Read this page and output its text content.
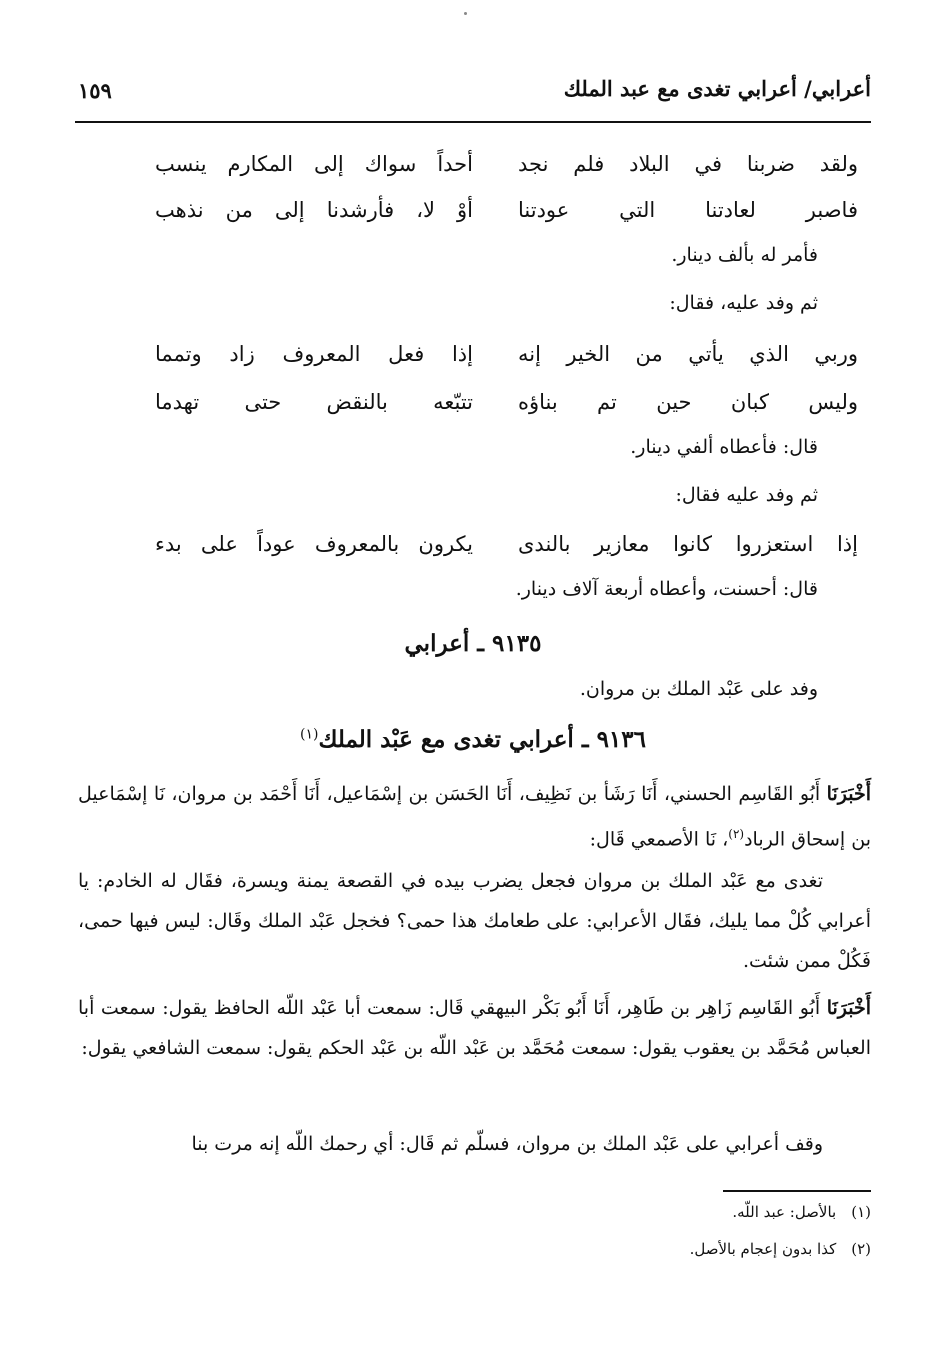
أعرابي/ أعرابي تغدى مع عبد الملك
١٥٩
ولقد ضربنا في البلاد فلم نجد
أحداً سواك إلى المكارم ينسب
فاصبر لعادتنا التي عودتنا
أوْ لا، فأرشدنا إلى من نذهب
فأمر له بألف دينار.
ثم وفد عليه، فقال:
وربي الذي يأتي من الخير إنه
إذا فعل المعروف زاد وتمما
وليس كبان حين تم بناؤه
تتبّعه بالنقض حتى تهدما
قال: فأعطاه ألفي دينار.
ثم وفد عليه فقال:
إذا استعزروا كانوا معازير بالندى
يكرون بالمعروف عوداً على بدء
قال: أحسنت، وأعطاه أربعة آلاف دينار.
٩١٣٥ ـ أعرابي
وفد على عَبْد الملك بن مروان.
٩١٣٦ ـ أعرابي تغدى مع عَبْد الملك$^{(١)}$
أَخْبَرَنَا أَبُو القَاسِم الحسني، أَنَا رَشَأ بن نَظِيف، أَنَا الحَسَن بن إسْمَاعيل، أَنَا أَحْمَد بن مروان، نَا إسْمَاعيل بن إسحاق الرباد$^{(٢)}$، نَا الأصمعي قَال:
تغدى مع عَبْد الملك بن مروان فجعل يضرب بيده في القصعة يمنة ويسرة، فقَال له الخادم: يا أعرابي كُلْ مما يليك، فقَال الأعرابي: على طعامك هذا حمى؟ فخجل عَبْد الملك وقَال: ليس فيها حمى، فَكُلْ ممن شئت.
أَخْبَرَنَا أَبُو القَاسِم زَاهِر بن طَاهِر، أَنَا أَبُو بَكْر البيهقي قَال: سمعت أبا عَبْد اللّه الحافظ يقول: سمعت أبا العباس مُحَمَّد بن يعقوب يقول: سمعت مُحَمَّد بن عَبْد اللّه بن عَبْد الحكم يقول: سمعت الشافعي يقول:
وقف أعرابي على عَبْد الملك بن مروان، فسلّم ثم قَال: أي رحمك اللّه إنه مرت بنا
(١) بالأصل: عبد اللّه.
(٢) كذا بدون إعجام بالأصل.
